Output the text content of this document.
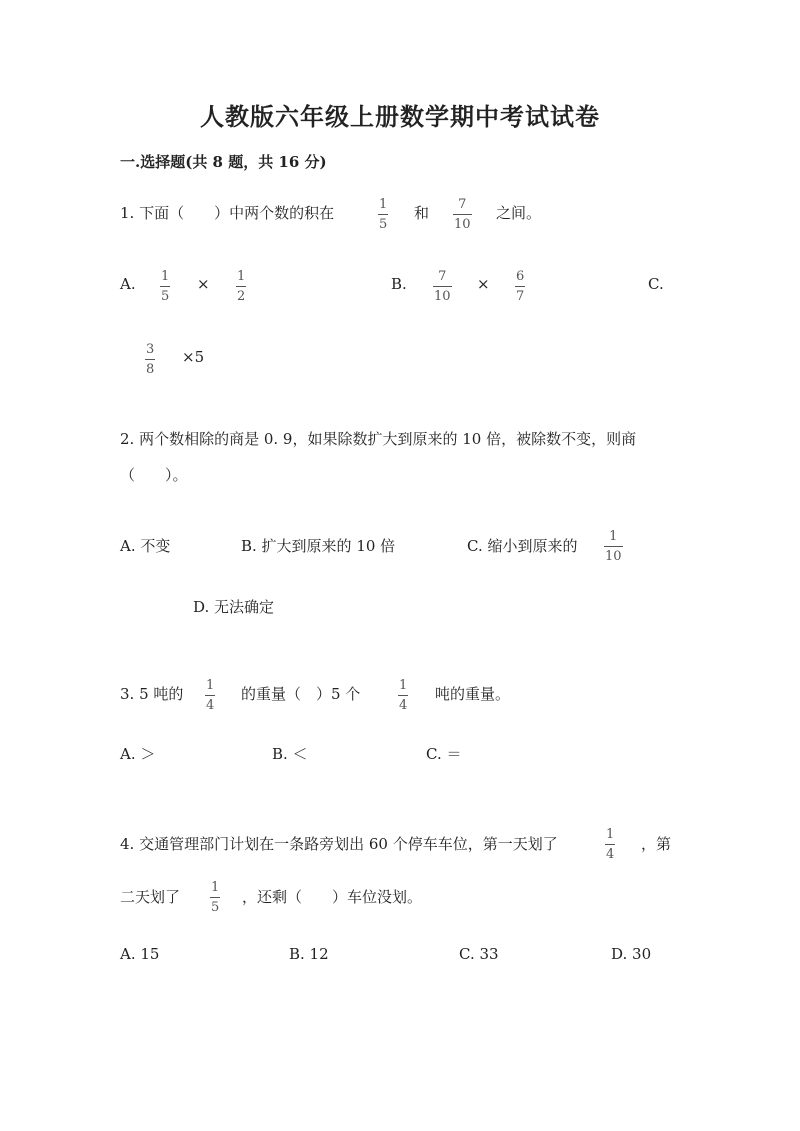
人教版六年级上册数学期中考试试卷
一.选择题(共 8 题，共 16 分)
1. 下面（　　）中两个数的积在	$\frac{1}{5}$ 和 $\frac{7}{10}$ 之间。
A. $\frac{1}{5} \times \frac{1}{2}$	B. $\frac{7}{10} \times \frac{6}{7}$	C.
$\frac{3}{8} \times 5$
2. 两个数相除的商是 0. 9，如果除数扩大到原来的 10 倍，被除数不变，则商
（　　）。
A. 不变	B. 扩大到原来的 10 倍	C. 缩小到原来的 $\frac{1}{10}$
D. 无法确定
3. 5 吨的 $\frac{1}{4}$ 的重量（　）5 个	$\frac{1}{4}$ 吨的重量。
A. ＞	B. ＜	C. ＝
4. 交通管理部门计划在一条路旁划出 60 个停车车位，第一天划了	$\frac{1}{4}$ ，第
二天划了 $\frac{1}{5}$ ，还剩（　　）车位没划。
A. 15	B. 12	C. 33	D. 30
